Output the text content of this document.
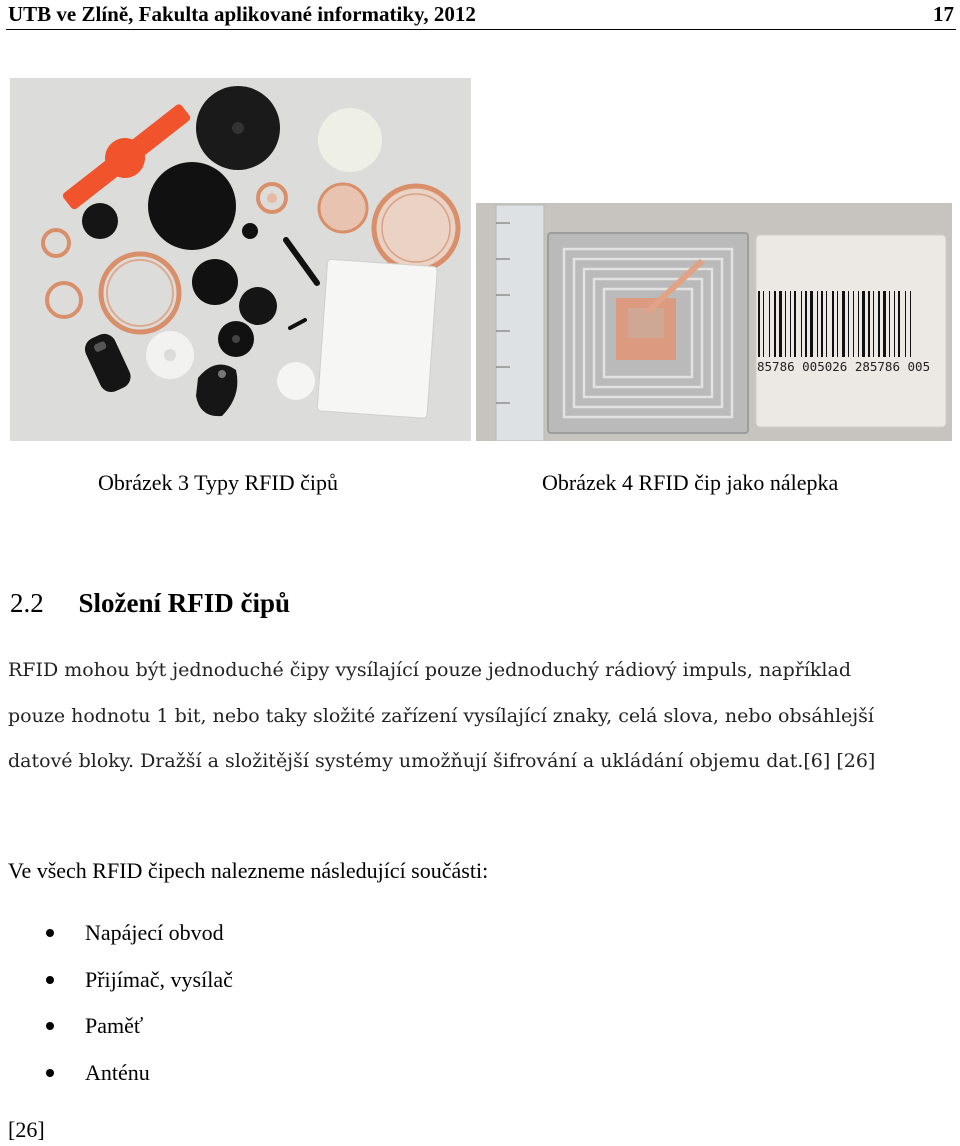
UTB ve Zlíně, Fakulta aplikované informatiky, 2012	17
85786 005026 285786 005
Obrázek 3 Typy RFID čipů	Obrázek 4 RFID čip jako nálepka
2.2 Složení RFID čipů
RFID mohou být jednoduché čipy vysílající pouze jednoduchý rádiový impuls, například
pouze hodnotu 1 bit, nebo taky složité zařízení vysílající znaky, celá slova, nebo obsáhlejší
datové bloky. Dražší a složitější systémy umožňují šifrování a ukládání objemu dat.[6] [26]
Ve všech RFID čipech nalezneme následující součásti:
Napájecí obvod
Přijímač, vysílač
Paměť
Anténu
[26]
